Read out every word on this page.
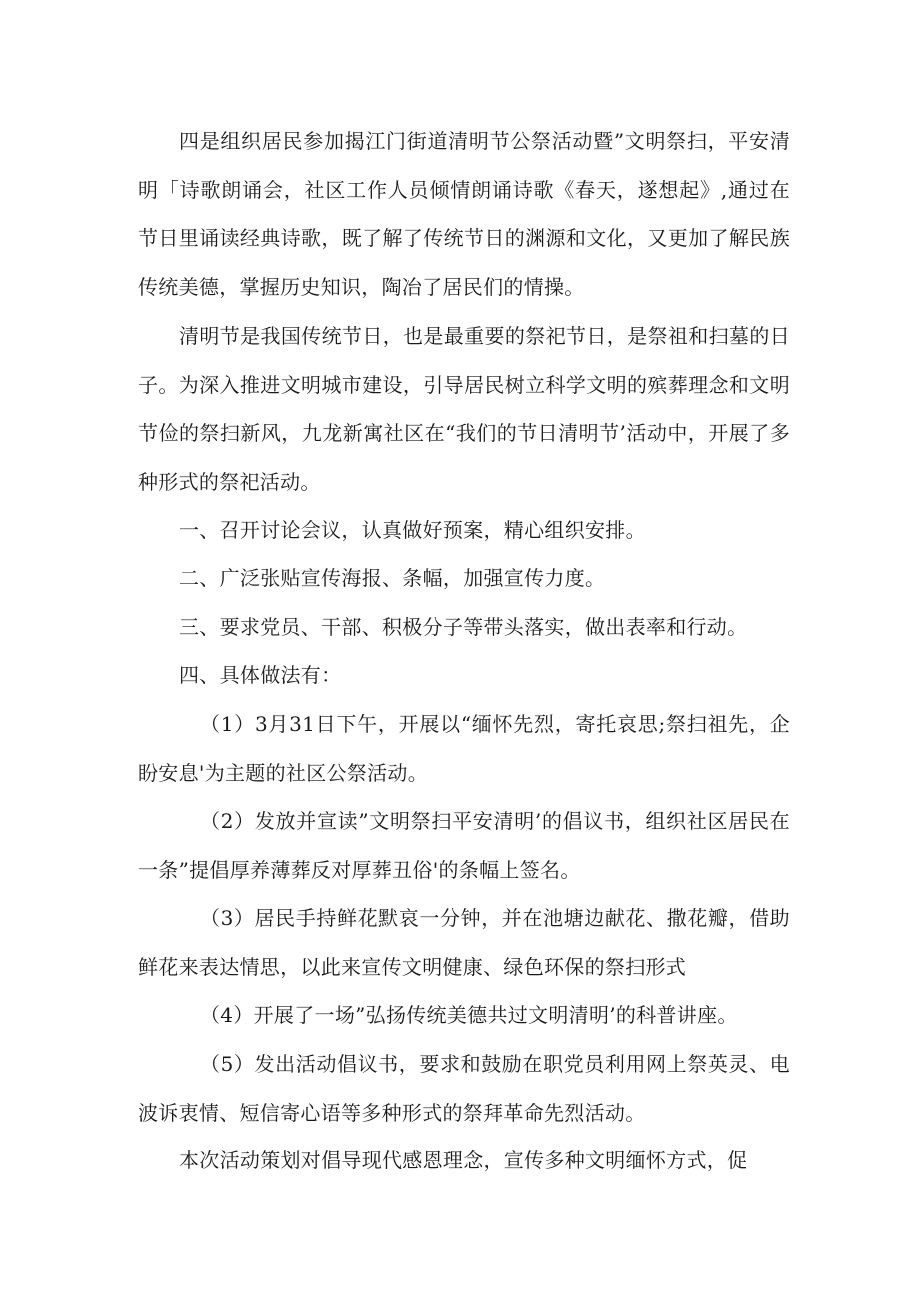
四是组织居民参加揭江门街道清明节公祭活动暨”文明祭扫，平安清明「诗歌朗诵会，社区工作人员倾情朗诵诗歌《春天，遂想起》,通过在节日里诵读经典诗歌，既了解了传统节日的渊源和文化，又更加了解民族传统美德，掌握历史知识，陶冶了居民们的情操。

清明节是我国传统节日，也是最重要的祭祀节日，是祭祖和扫墓的日子。为深入推进文明城市建设，引导居民树立科学文明的殡葬理念和文明节俭的祭扫新风，九龙新寓社区在“我们的节日清明节’活动中，开展了多种形式的祭祀活动。

一、召开讨论会议，认真做好预案，精心组织安排。

二、广泛张贴宣传海报、条幅，加强宣传力度。

三、要求党员、干部、积极分子等带头落实，做出表率和行动。

四、具体做法有：

（1）3月31日下午，开展以“缅怀先烈，寄托哀思;祭扫祖先，企盼安息'为主题的社区公祭活动。

（2）发放并宣读”文明祭扫平安清明’的倡议书，组织社区居民在一条”提倡厚养薄葬反对厚葬丑俗'的条幅上签名。

（3）居民手持鲜花默哀一分钟，并在池塘边献花、撒花瓣，借助鲜花来表达情思，以此来宣传文明健康、绿色环保的祭扫形式

（4）开展了一场”弘扬传统美德共过文明清明’的科普讲座。

（5）发出活动倡议书，要求和鼓励在职党员利用网上祭英灵、电波诉衷情、短信寄心语等多种形式的祭拜革命先烈活动。

本次活动策划对倡导现代感恩理念，宣传多种文明缅怀方式，促
